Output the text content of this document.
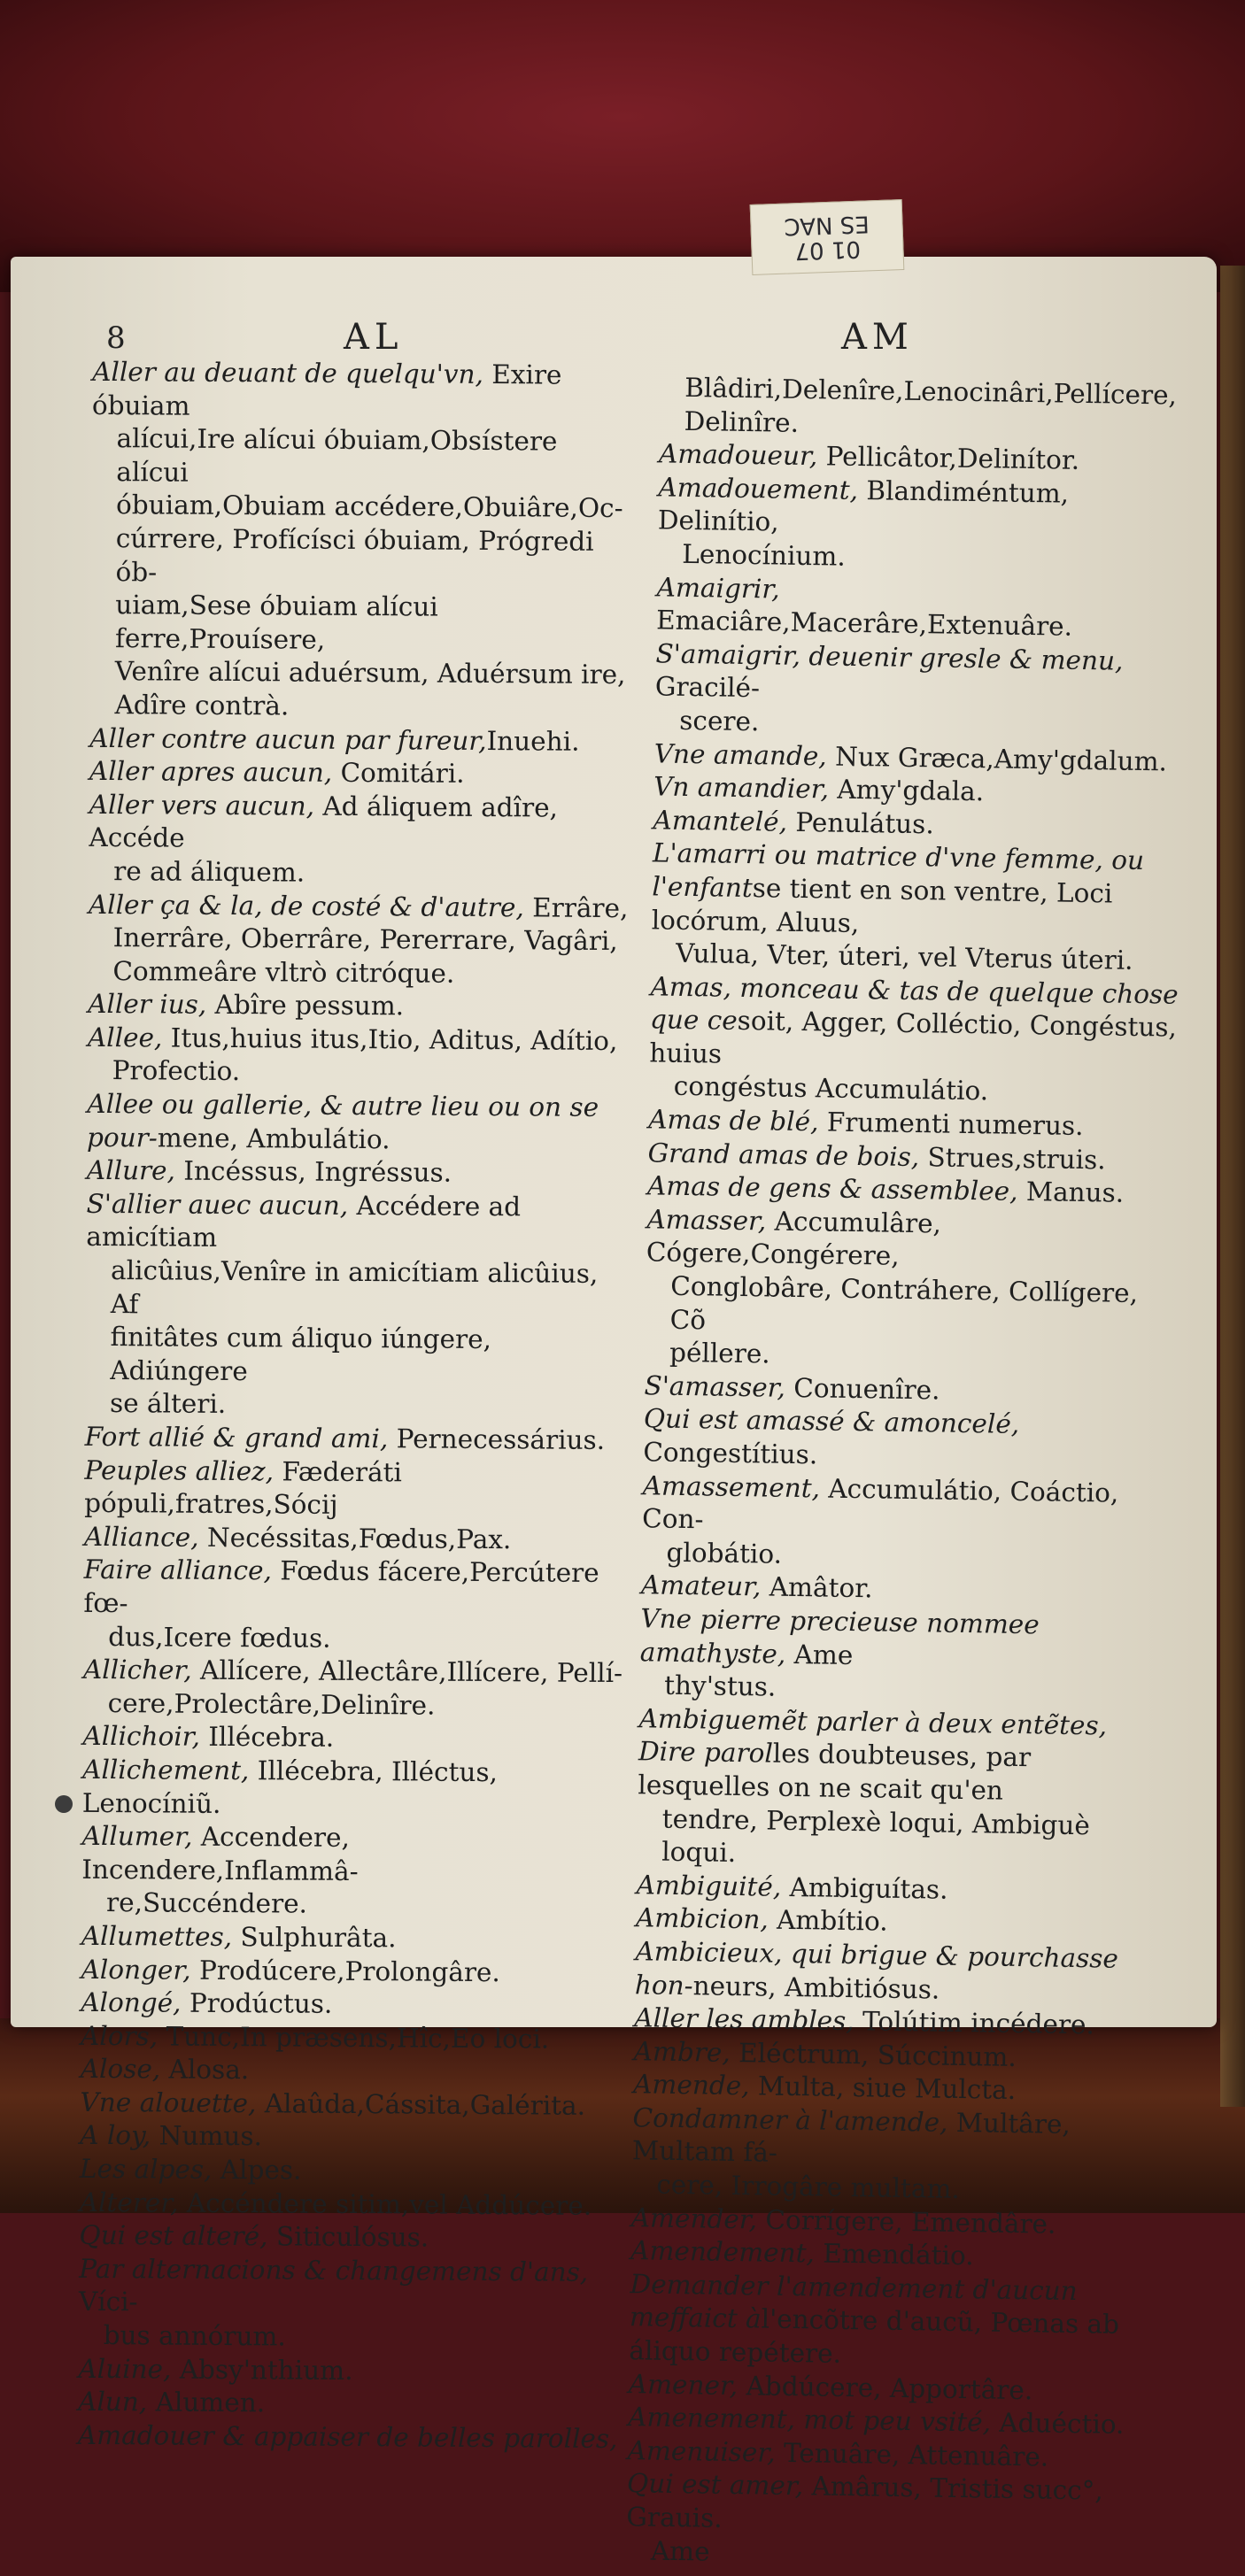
ES NAC
01 07
8	AL	AM
Aller au deuant de quelqu'vn, Exire óbuiam
alícui,Ire alícui óbuiam,Obsístere alícui
óbuiam,Obuiam accédere,Obuiâre,Oc-
cúrrere, Profícísci óbuiam, Prógredi ób-
uiam,Sese óbuiam alícui ferre,Prouísere,
Venîre alícui aduérsum, Aduérsum ire,
Adîre contrà.
Aller contre aucun par fureur,Inuehi.
Aller apres aucun, Comitári.
Aller vers aucun, Ad áliquem adîre, Accéde
re ad áliquem.
Aller ça & la, de costé & d'autre, Errâre,
Inerrâre, Oberrâre, Pererrare, Vagâri,
Commeâre vltrò citróque.
Aller ius, Abîre pessum.
Allee, Itus,huius itus,Itio, Aditus, Adítio,
Profectio.
Allee ou gallerie, & autre lieu ou on se pour-mene, Ambulátio.
Allure, Incéssus, Ingréssus.
S'allier auec aucun, Accédere ad amicítiam
alicûius,Venîre in amicítiam alicûius, Af
finitâtes cum áliquo iúngere, Adiúngere
se álteri.
Fort allié & grand ami, Pernecessárius.
Peuples alliez, Fæderáti pópuli,fratres,Sócij
Alliance, Necéssitas,Fœdus,Pax.
Faire alliance, Fœdus fácere,Percútere fœ-
dus,Icere fœdus.
Allicher, Allícere, Allectâre,Illícere, Pellí-
cere,Prolectâre,Delinîre.
Allichoir, Illécebra.
Allichement, Illécebra, Illéctus, Lenocíniũ.
Allumer, Accendere, Incendere,Inflammâ-
re,Succéndere.
Allumettes, Sulphurâta.
Alonger, Prodúcere,Prolongâre.
Alongé, Prodúctus.
Alors, Tunc,In præsens,Hîc,Eo loci.
Alose, Alosa.
Vne alouette, Alaûda,Cássita,Galérita.
A loy, Numus.
Les alpes, Alpes.
Alterer, Accéndere sitim,vel Addúcere.
Qui est alteré, Siticulósus.
Par alternacions & changemens d'ans, Víci-
bus annórum.
Aluine, Absy'nthium.
Alun, Alumen.
Amadouer & appaiser de belles parolles,
Blâdiri,Delenîre,Lenocinâri,Pellícere,
Delinîre.
Amadoueur, Pellicâtor,Delinítor.
Amadouement, Blandiméntum, Delinítio,
Lenocínium.
Amaigrir, Emaciâre,Macerâre,Extenuâre.
S'amaigrir, deuenir gresle & menu, Gracilé-
scere.
Vne amande, Nux Græca,Amy'gdalum.
Vn amandier, Amy'gdala.
Amantelé, Penulátus.
L'amarri ou matrice d'vne femme, ou l'enfantse tient en son ventre, Loci locórum, Aluus,
Vulua, Vter, úteri, vel Vterus úteri.
Amas, monceau & tas de quelque chose que cesoit, Agger, Colléctio, Congéstus, huius
congéstus Accumulátio.
Amas de blé, Frumenti numerus.
Grand amas de bois, Strues,struis.
Amas de gens & assemblee, Manus.
Amasser, Accumulâre, Cógere,Congérere,
Conglobâre, Contráhere, Collígere, Cõ
péllere.
S'amasser, Conuenîre.
Qui est amassé & amoncelé, Congestítius.
Amassement, Accumulátio, Coáctio, Con-
globátio.
Amateur, Amâtor.
Vne pierre precieuse nommee amathyste, Ame
thy'stus.
Ambiguemẽt parler à deux entẽtes, Dire parolles doubteuses, par lesquelles on ne scait qu'en
tendre, Perplexè loqui, Ambiguè loqui.
Ambiguité, Ambiguítas.
Ambicion, Ambítio.
Ambicieux, qui brigue & pourchasse hon-neurs, Ambitiósus.
Aller les ambles, Tolútim incédere.
Ambre, Eléctrum, Súccinum.
Amende, Multa, siue Mulcta.
Condamner à l'amende, Multâre, Multam fá-
cere, Irrogâre multam.
Amender, Corrígere, Emendâre.
Amendement, Emendátio.
Demander l'amendement d'aucun meffaict àl'encõtre d'aucũ, Pœnas ab áliquo repétere.
Amener, Abdúcere, Apportâre.
Amenement, mot peu vsité, Aduéctio.
Amenuiser, Tenuâre, Attenuâre.
Qui est amer, Amârus, Tristis succ°, Grauis.
Ame
